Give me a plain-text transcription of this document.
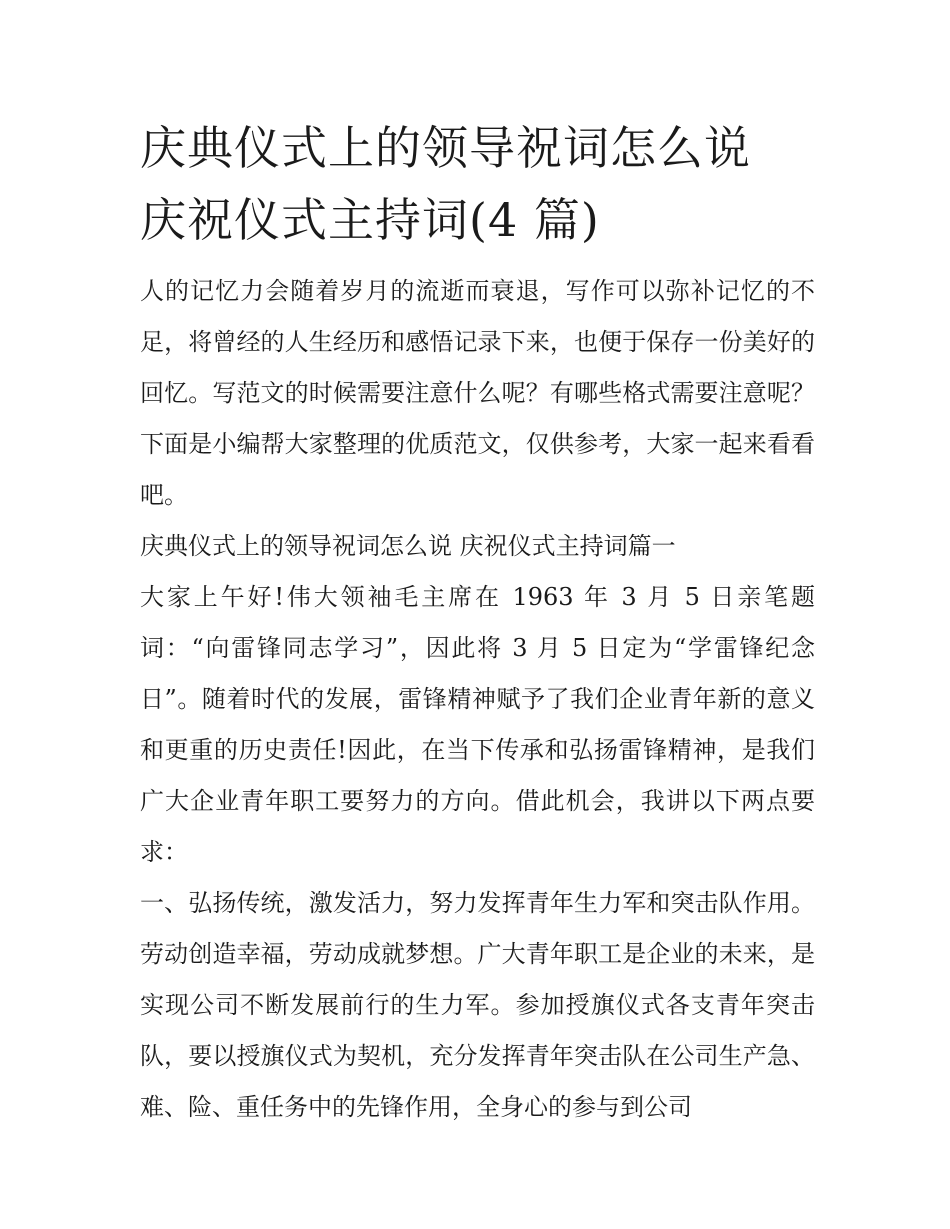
庆典仪式上的领导祝词怎么说
庆祝仪式主持词(4 篇)

人的记忆力会随着岁月的流逝而衰退，写作可以弥补记忆的不足，将曾经的人生经历和感悟记录下来，也便于保存一份美好的回忆。写范文的时候需要注意什么呢？有哪些格式需要注意呢？下面是小编帮大家整理的优质范文，仅供参考，大家一起来看看吧。

庆典仪式上的领导祝词怎么说 庆祝仪式主持词篇一

大家上午好!伟大领袖毛主席在 1963 年 3 月 5 日亲笔题词：“向雷锋同志学习”，因此将 3 月 5 日定为“学雷锋纪念日”。随着时代的发展，雷锋精神赋予了我们企业青年新的意义和更重的历史责任!因此，在当下传承和弘扬雷锋精神，是我们广大企业青年职工要努力的方向。借此机会，我讲以下两点要求：

一、弘扬传统，激发活力，努力发挥青年生力军和突击队作用。劳动创造幸福，劳动成就梦想。广大青年职工是企业的未来，是实现公司不断发展前行的生力军。参加授旗仪式各支青年突击队，要以授旗仪式为契机，充分发挥青年突击队在公司生产急、难、险、重任务中的先锋作用，全身心的参与到公司
